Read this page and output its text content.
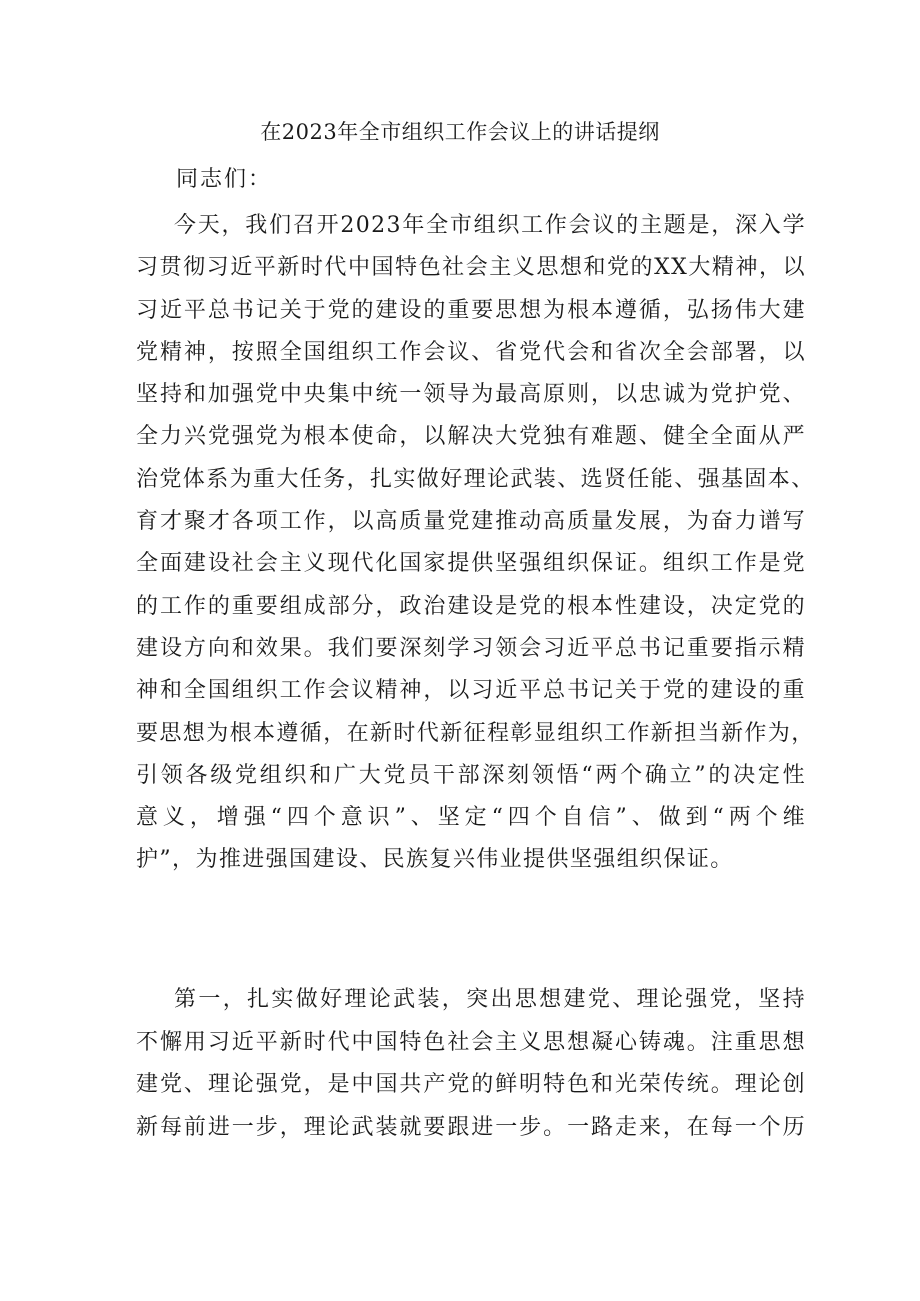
在2023年全市组织工作会议上的讲话提纲
同志们：
今天，我们召开2023年全市组织工作会议的主题是，深入学
习贯彻习近平新时代中国特色社会主义思想和党的XX大精神，以
习近平总书记关于党的建设的重要思想为根本遵循，弘扬伟大建
党精神，按照全国组织工作会议、省党代会和省次全会部署，以
坚持和加强党中央集中统一领导为最高原则，以忠诚为党护党、
全力兴党强党为根本使命，以解决大党独有难题、健全全面从严
治党体系为重大任务，扎实做好理论武装、选贤任能、强基固本、
育才聚才各项工作，以高质量党建推动高质量发展，为奋力谱写
全面建设社会主义现代化国家提供坚强组织保证。组织工作是党
的工作的重要组成部分，政治建设是党的根本性建设，决定党的
建设方向和效果。我们要深刻学习领会习近平总书记重要指示精
神和全国组织工作会议精神，以习近平总书记关于党的建设的重
要思想为根本遵循，在新时代新征程彰显组织工作新担当新作为，
引领各级党组织和广大党员干部深刻领悟“两个确立”的决定性
意义，增强“四个意识”、坚定“四个自信”、做到“两个维
护”，为推进强国建设、民族复兴伟业提供坚强组织保证。
第一，扎实做好理论武装，突出思想建党、理论强党，坚持
不懈用习近平新时代中国特色社会主义思想凝心铸魂。注重思想
建党、理论强党，是中国共产党的鲜明特色和光荣传统。理论创
新每前进一步，理论武装就要跟进一步。一路走来，在每一个历
